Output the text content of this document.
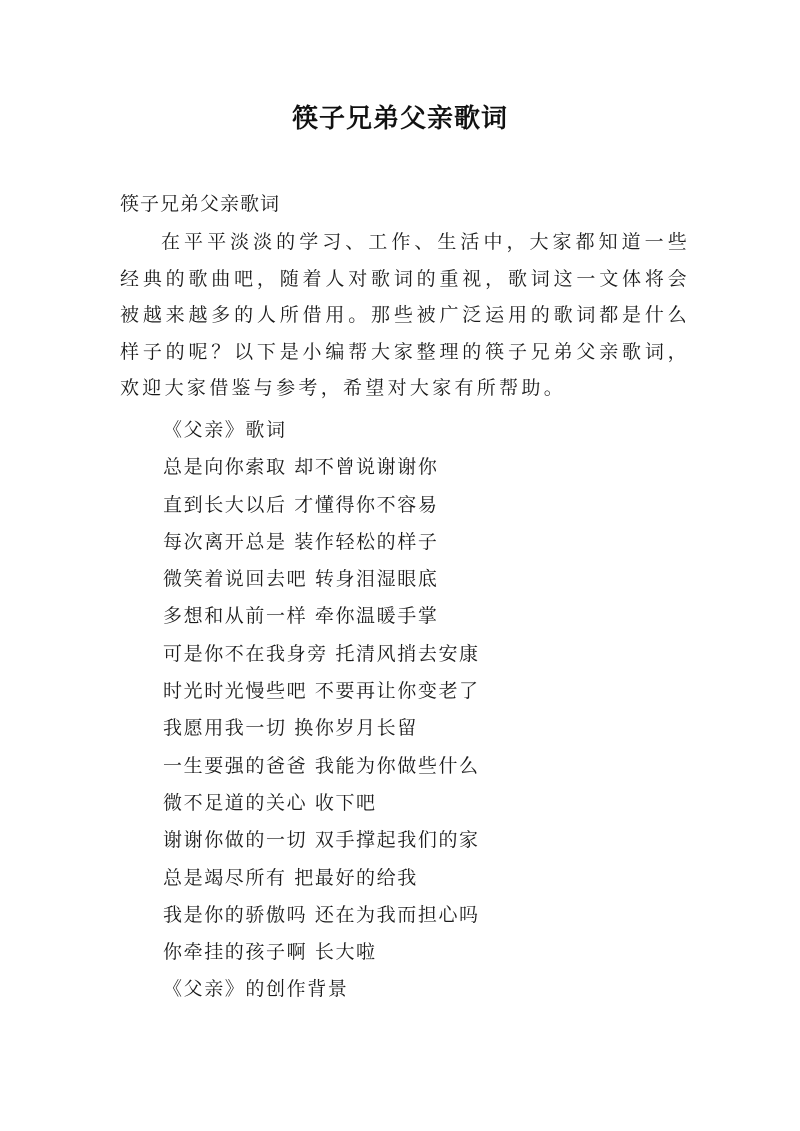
筷子兄弟父亲歌词
筷子兄弟父亲歌词

在平平淡淡的学习、工作、生活中，大家都知道一些经典的歌曲吧，随着人对歌词的重视，歌词这一文体将会被越来越多的人所借用。那些被广泛运用的歌词都是什么样子的呢？以下是小编帮大家整理的筷子兄弟父亲歌词，欢迎大家借鉴与参考，希望对大家有所帮助。

《父亲》歌词
总是向你索取 却不曾说谢谢你
直到长大以后 才懂得你不容易
每次离开总是 装作轻松的样子
微笑着说回去吧 转身泪湿眼底
多想和从前一样 牵你温暖手掌
可是你不在我身旁 托清风捎去安康
时光时光慢些吧 不要再让你变老了
我愿用我一切 换你岁月长留
一生要强的爸爸 我能为你做些什么
微不足道的关心 收下吧
谢谢你做的一切 双手撑起我们的家
总是竭尽所有 把最好的给我
我是你的骄傲吗 还在为我而担心吗
你牵挂的孩子啊 长大啦
《父亲》的创作背景
